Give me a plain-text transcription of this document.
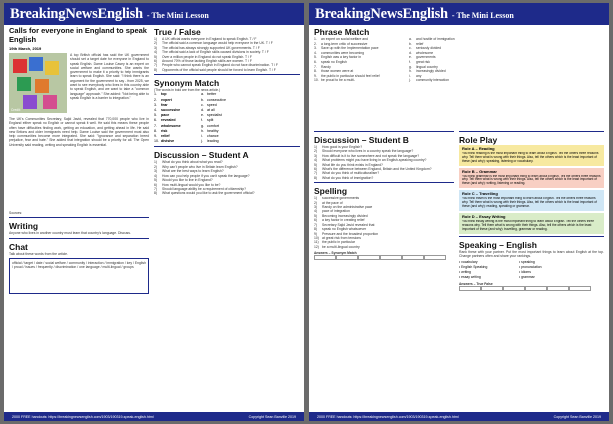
BreakingNewsEnglish - The Mini Lesson
Calls for everyone in England to speak English
19th March, 2019
Credit:
A top British official has said the UK government should set a target date for everyone in England to speak English. Dame Louise Casey is an expert on social welfare and communities. She wants the government to make it a priority to help immigrants learn to speak English. She said: "I think there is an argument for the government to say - from 2025, we want to see everybody who lives in this country able to speak English, and we want to take a "common language" approach." She added: "Not being able to speak English is a barrier to integration."
The UK's Communities Secretary, Sajid Javid, revealed that 770,000 people who live in England either speak no English or cannot speak it well. He said this means these people often have difficulties finding work, getting an education, and getting ahead in life. He said new Britons and older immigrants need help. Dame Louise said the government must also help communities become more integrated. She said: "Ignorance and separation breed prejudice, fear and hate." She added that integration should be a priority for all. The Open University said reading, writing and speaking English is essential.
Sources:
Writing
Anyone who lives in another country must learn that country's language. Discuss.
Chat
Talk about these words from the article.
official / target / date / social welfare / community / interaction / immigration / key / English / proud / issues / frequently / discrimination / one language / multi-lingual / groups
True / False
1)	A UK official wants everyone in England to speak English. T / F
2)	The official said a common language would help everyone in the UK. T / F
3)	The official has always strongly supported UK governments. T / F
4)	The official said a lack of English skills caused divisions in society. T / F
5)	Over a million people in England do not speak English. T / F
6)	Around 70% of those lacking English skills are women. T / F
7)	People who cannot speak English in England do not face discrimination. T / F
8)	Opponents of the official said people should be forced to learn English. T / F
Synonym Match
(The words in bold are from the news article.)
1.	top	a. better
2.	expert	b. consecutive
3.	fear	c. speed
4.	successive	d. at all
5.	pace	e. specialist
6.	revealed	f.	split
7.	wholesome	g. comfort
8.	risk	h. healthy
9.	relief	i.	chance
10. divisive	j.	leading
Discussion – Student A
1)	What do you think about what you read?
2)	Why can't people who live in Britain learn English?
3)	What are the best ways to learn English?
4)	How can you help people if you can't speak the language?
5)	Would you like to live in England?
6)	How multi-lingual would you like to be?
7)	Should language ability be a requirement of citizenship?
8)	What questions would you like to ask the government official?
2000 FREE handouts: https://breakingnewsenglish.com/1903/190319-speak-english.html	Copyright Sean Banville 2019
BreakingNewsEnglish - The Mini Lesson
Phrase Match
1.	an expert on social welfare and	a.	and hostile of immigration
2.	a long-term critic of successive	b.	relief
3.	Save up with the Implementation pace	c.	seriously divided
4.	communities were becoming	d.	wholesome
5.	English was a key factor in	e.	governments
6.	speak no English	f.	great risk
7.	Randy	g.	lingual country
8.	those women were at	h.	increasingly divided
9.	the public in particular should feel relief	i.	any
10. be proud to be a multi-	j.	community interaction
Discussion – Student B
1)	How good is your English?
2)	Should everyone who lives in a country speak the language?
3)	How difficult is it to live somewhere and not speak the language?
4)	What problems might you have living in an English-speaking country?
5)	What life do you think exists in England?
6)	What's the difference between England, Britain and the United Kingdom?
7)	What do you think of multiculturalism?
8)	What do you think of immigration?
Spelling
1)	successive governments
2)	at the pace of
3)	Randy on the administrative pace
4)	pace of integration
5)	Becoming increasingly divided
6)	a key factor in creating relief
7)	Secretary Sajid Javid revealed that
8)	speak no English whatsoever
9)	Pressure and the broadest proportion
10) at great risk from tensions
11) the public in particular
12) be a multi-lingual country
Answers – Synonym Match
Role Play
Role A – Reading
You think reading is the most important thing to learn about English. Tell the others three reasons why. Tell them what is wrong with their things. Also, tell the others which is the least important of these (and why): speaking, listening or vocabulary.
Role B – Grammar
You think grammar is the most important thing to learn about English. Tell the others three reasons why. Tell them what is wrong with their things. Also, tell the others which is the least important of these (and why): writing, listening or reading.
Role C – Travelling
You think travel is the most important thing to learn about English. Tell the others three reasons why. Tell them what is wrong with their things. Also, tell the others which is the least important of these (and why): reading, speaking or grammar.
Role D – Essay Writing
You think essay writing is the most important thing to learn about English. Tell the others three reasons why. Tell them what is wrong with their things. Also, tell the others which is the least important of these (and why): travelling, grammar or reading.
Speaking – English
Rank these with your partner. Put the most important things to learn about English at the top. Change partners often and share your rankings.
• vocabulary	• speaking
• English Speaking	• pronunciation
• writing	• idioms
• essay writing	• grammar
Answers – True False
2000 FREE handouts: https://breakingnewsenglish.com/1903/190319-speak-english.html	Copyright Sean Banville 2019
